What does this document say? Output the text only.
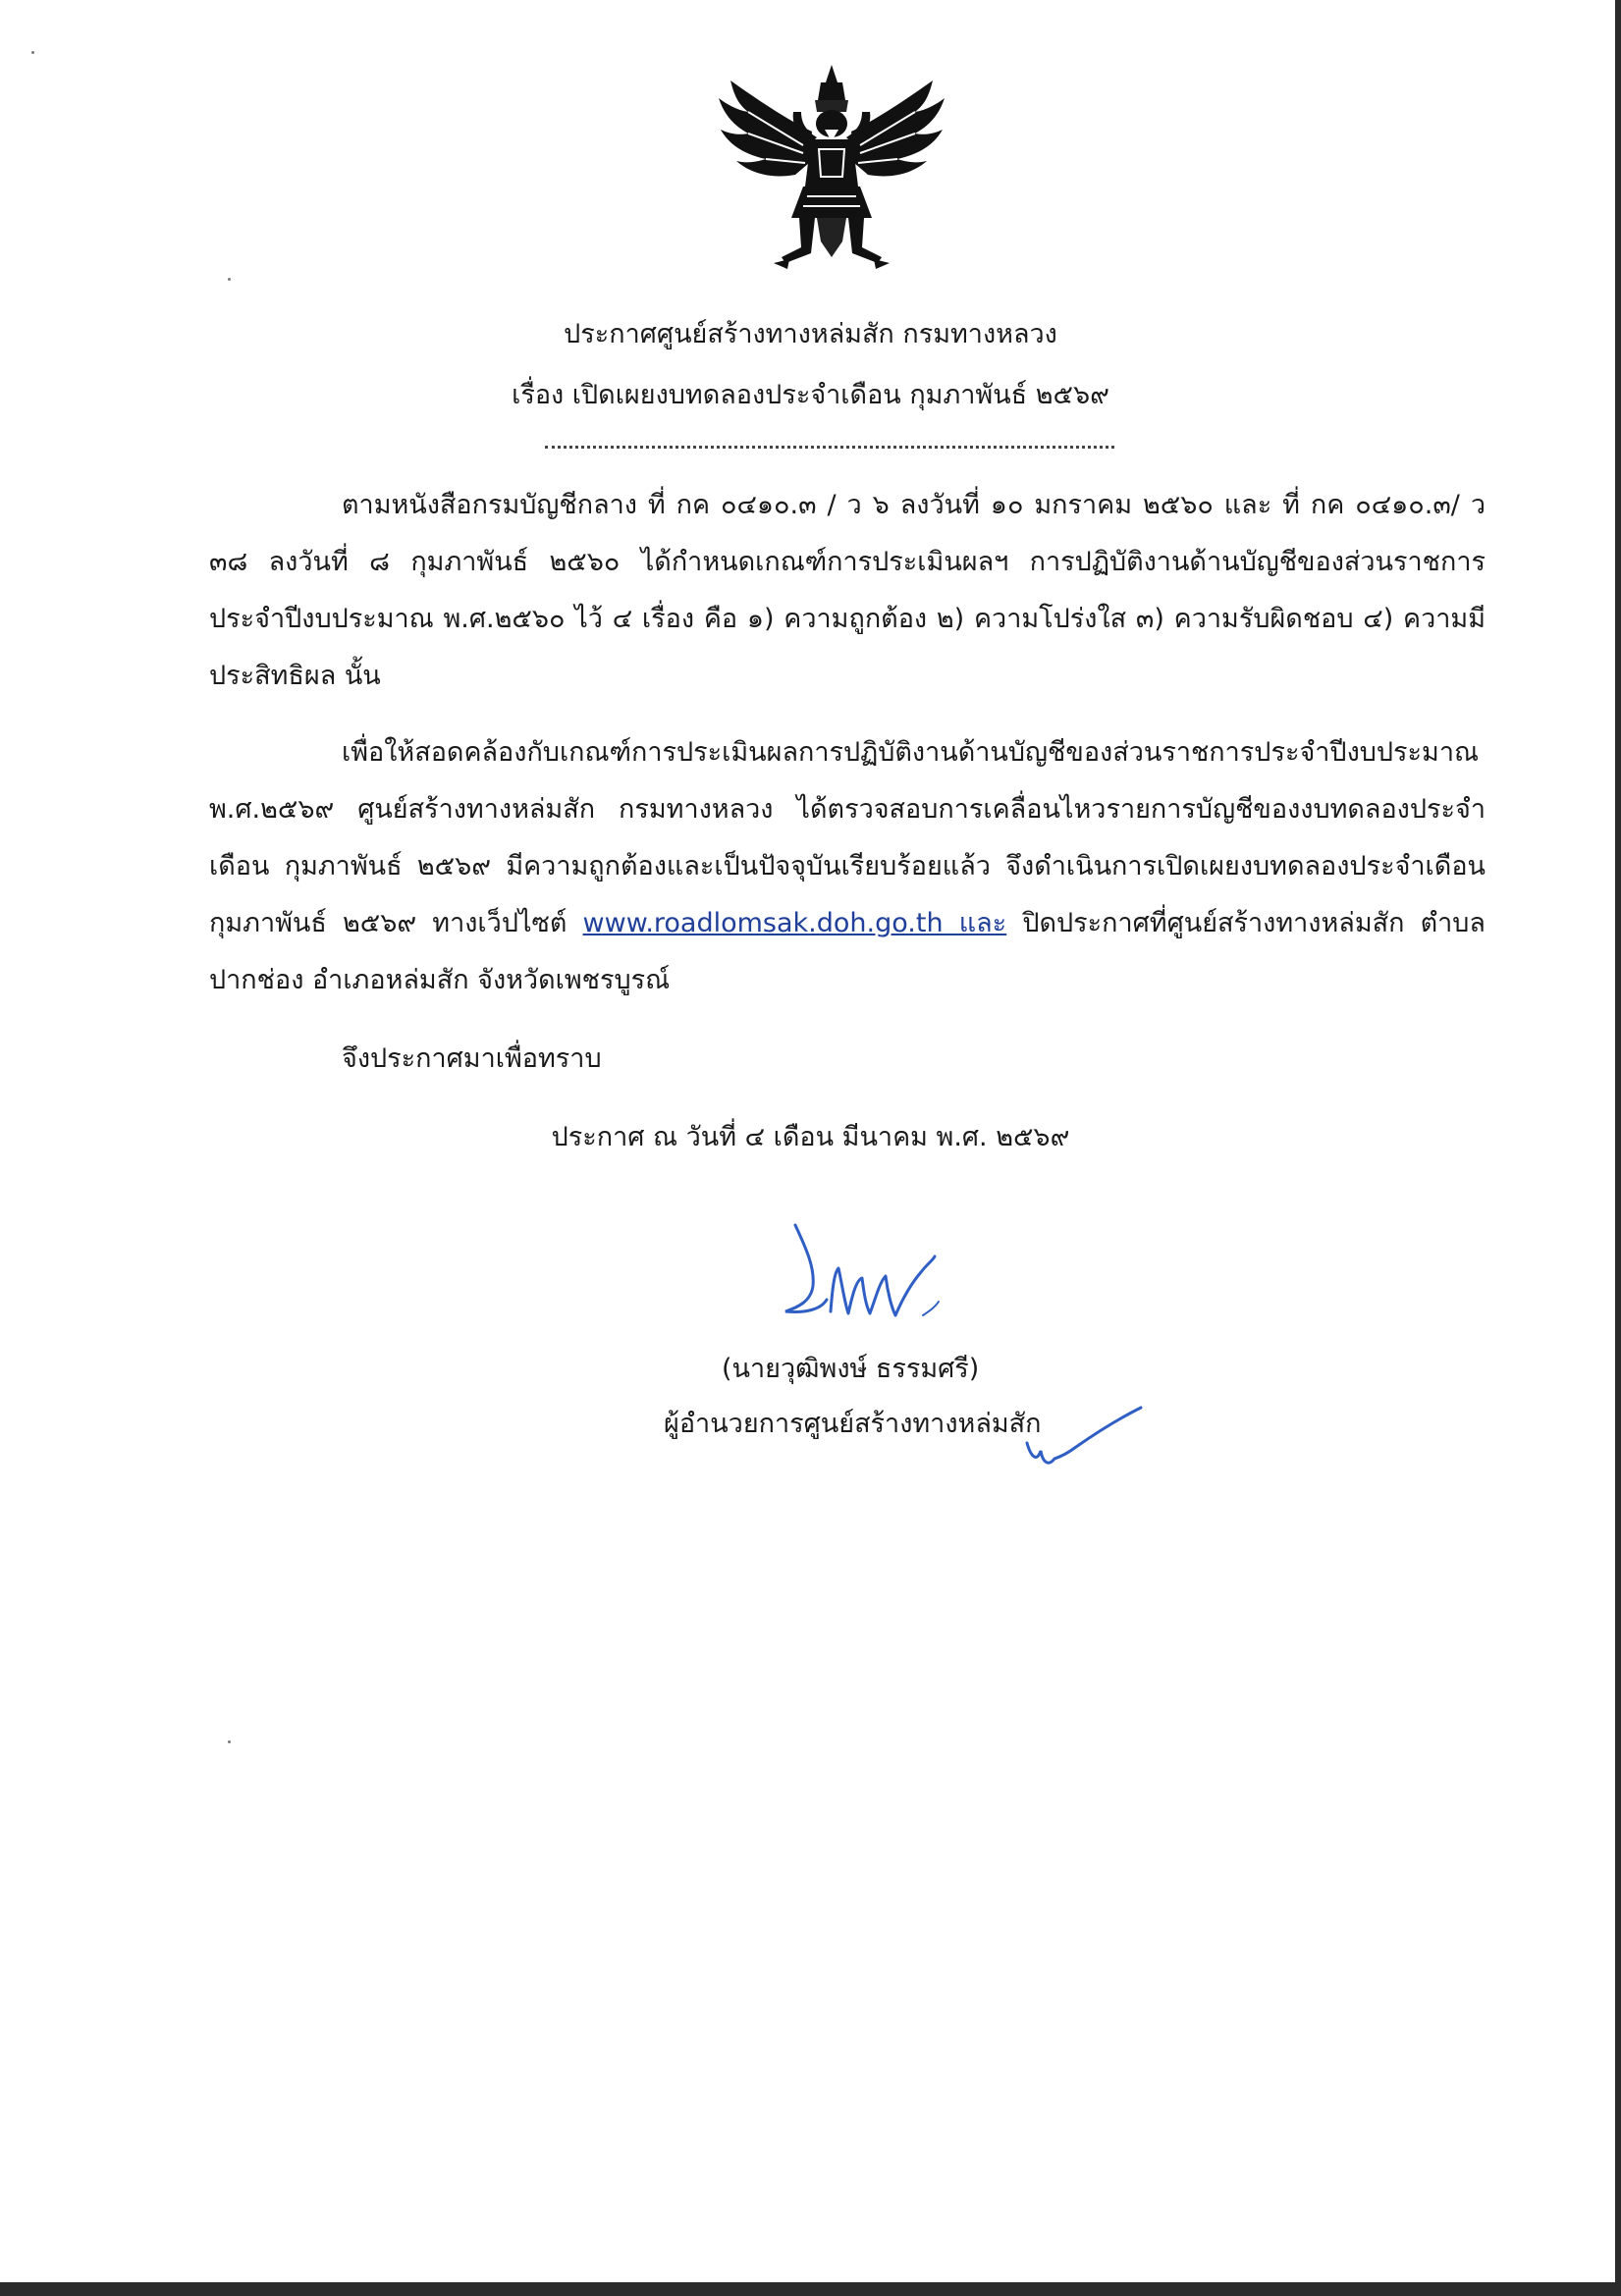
ประกาศศูนย์สร้างทางหล่มสัก กรมทางหลวง
เรื่อง เปิดเผยงบทดลองประจำเดือน กุมภาพันธ์ ๒๕๖๙

ตามหนังสือกรมบัญชีกลาง ที่ กค ๐๔๑๐.๓ / ว ๖ ลงวันที่ ๑๐ มกราคม ๒๕๖๐ และ ที่ กค ๐๔๑๐.๓/ ว ๓๘ ลงวันที่ ๘ กุมภาพันธ์ ๒๕๖๐ ได้กำหนดเกณฑ์การประเมินผลฯ การปฏิบัติงานด้านบัญชีของส่วนราชการประจำปีงบประมาณ พ.ศ.๒๕๖๐ ไว้ ๔ เรื่อง คือ ๑) ความถูกต้อง ๒) ความโปร่งใส ๓) ความรับผิดชอบ ๔) ความมีประสิทธิผล นั้น

เพื่อให้สอดคล้องกับเกณฑ์การประเมินผลการปฏิบัติงานด้านบัญชีของส่วนราชการประจำปีงบประมาณ พ.ศ.๒๕๖๙ ศูนย์สร้างทางหล่มสัก กรมทางหลวง ได้ตรวจสอบการเคลื่อนไหวรายการบัญชีของงบทดลองประจำเดือน กุมภาพันธ์ ๒๕๖๙ มีความถูกต้องและเป็นปัจจุบันเรียบร้อยแล้ว จึงดำเนินการเปิดเผยงบทดลองประจำเดือน กุมภาพันธ์ ๒๕๖๙ ทางเว็ปไซต์ www.roadlomsak.doh.go.th และ ปิดประกาศที่ศูนย์สร้างทางหล่มสัก ตำบลปากช่อง อำเภอหล่มสัก จังหวัดเพชรบูรณ์

จึงประกาศมาเพื่อทราบ
ประกาศ ณ วันที่ ๔ เดือน มีนาคม พ.ศ. ๒๕๖๙
(นายวุฒิพงษ์ ธรรมศรี)
ผู้อำนวยการศูนย์สร้างทางหล่มสัก
